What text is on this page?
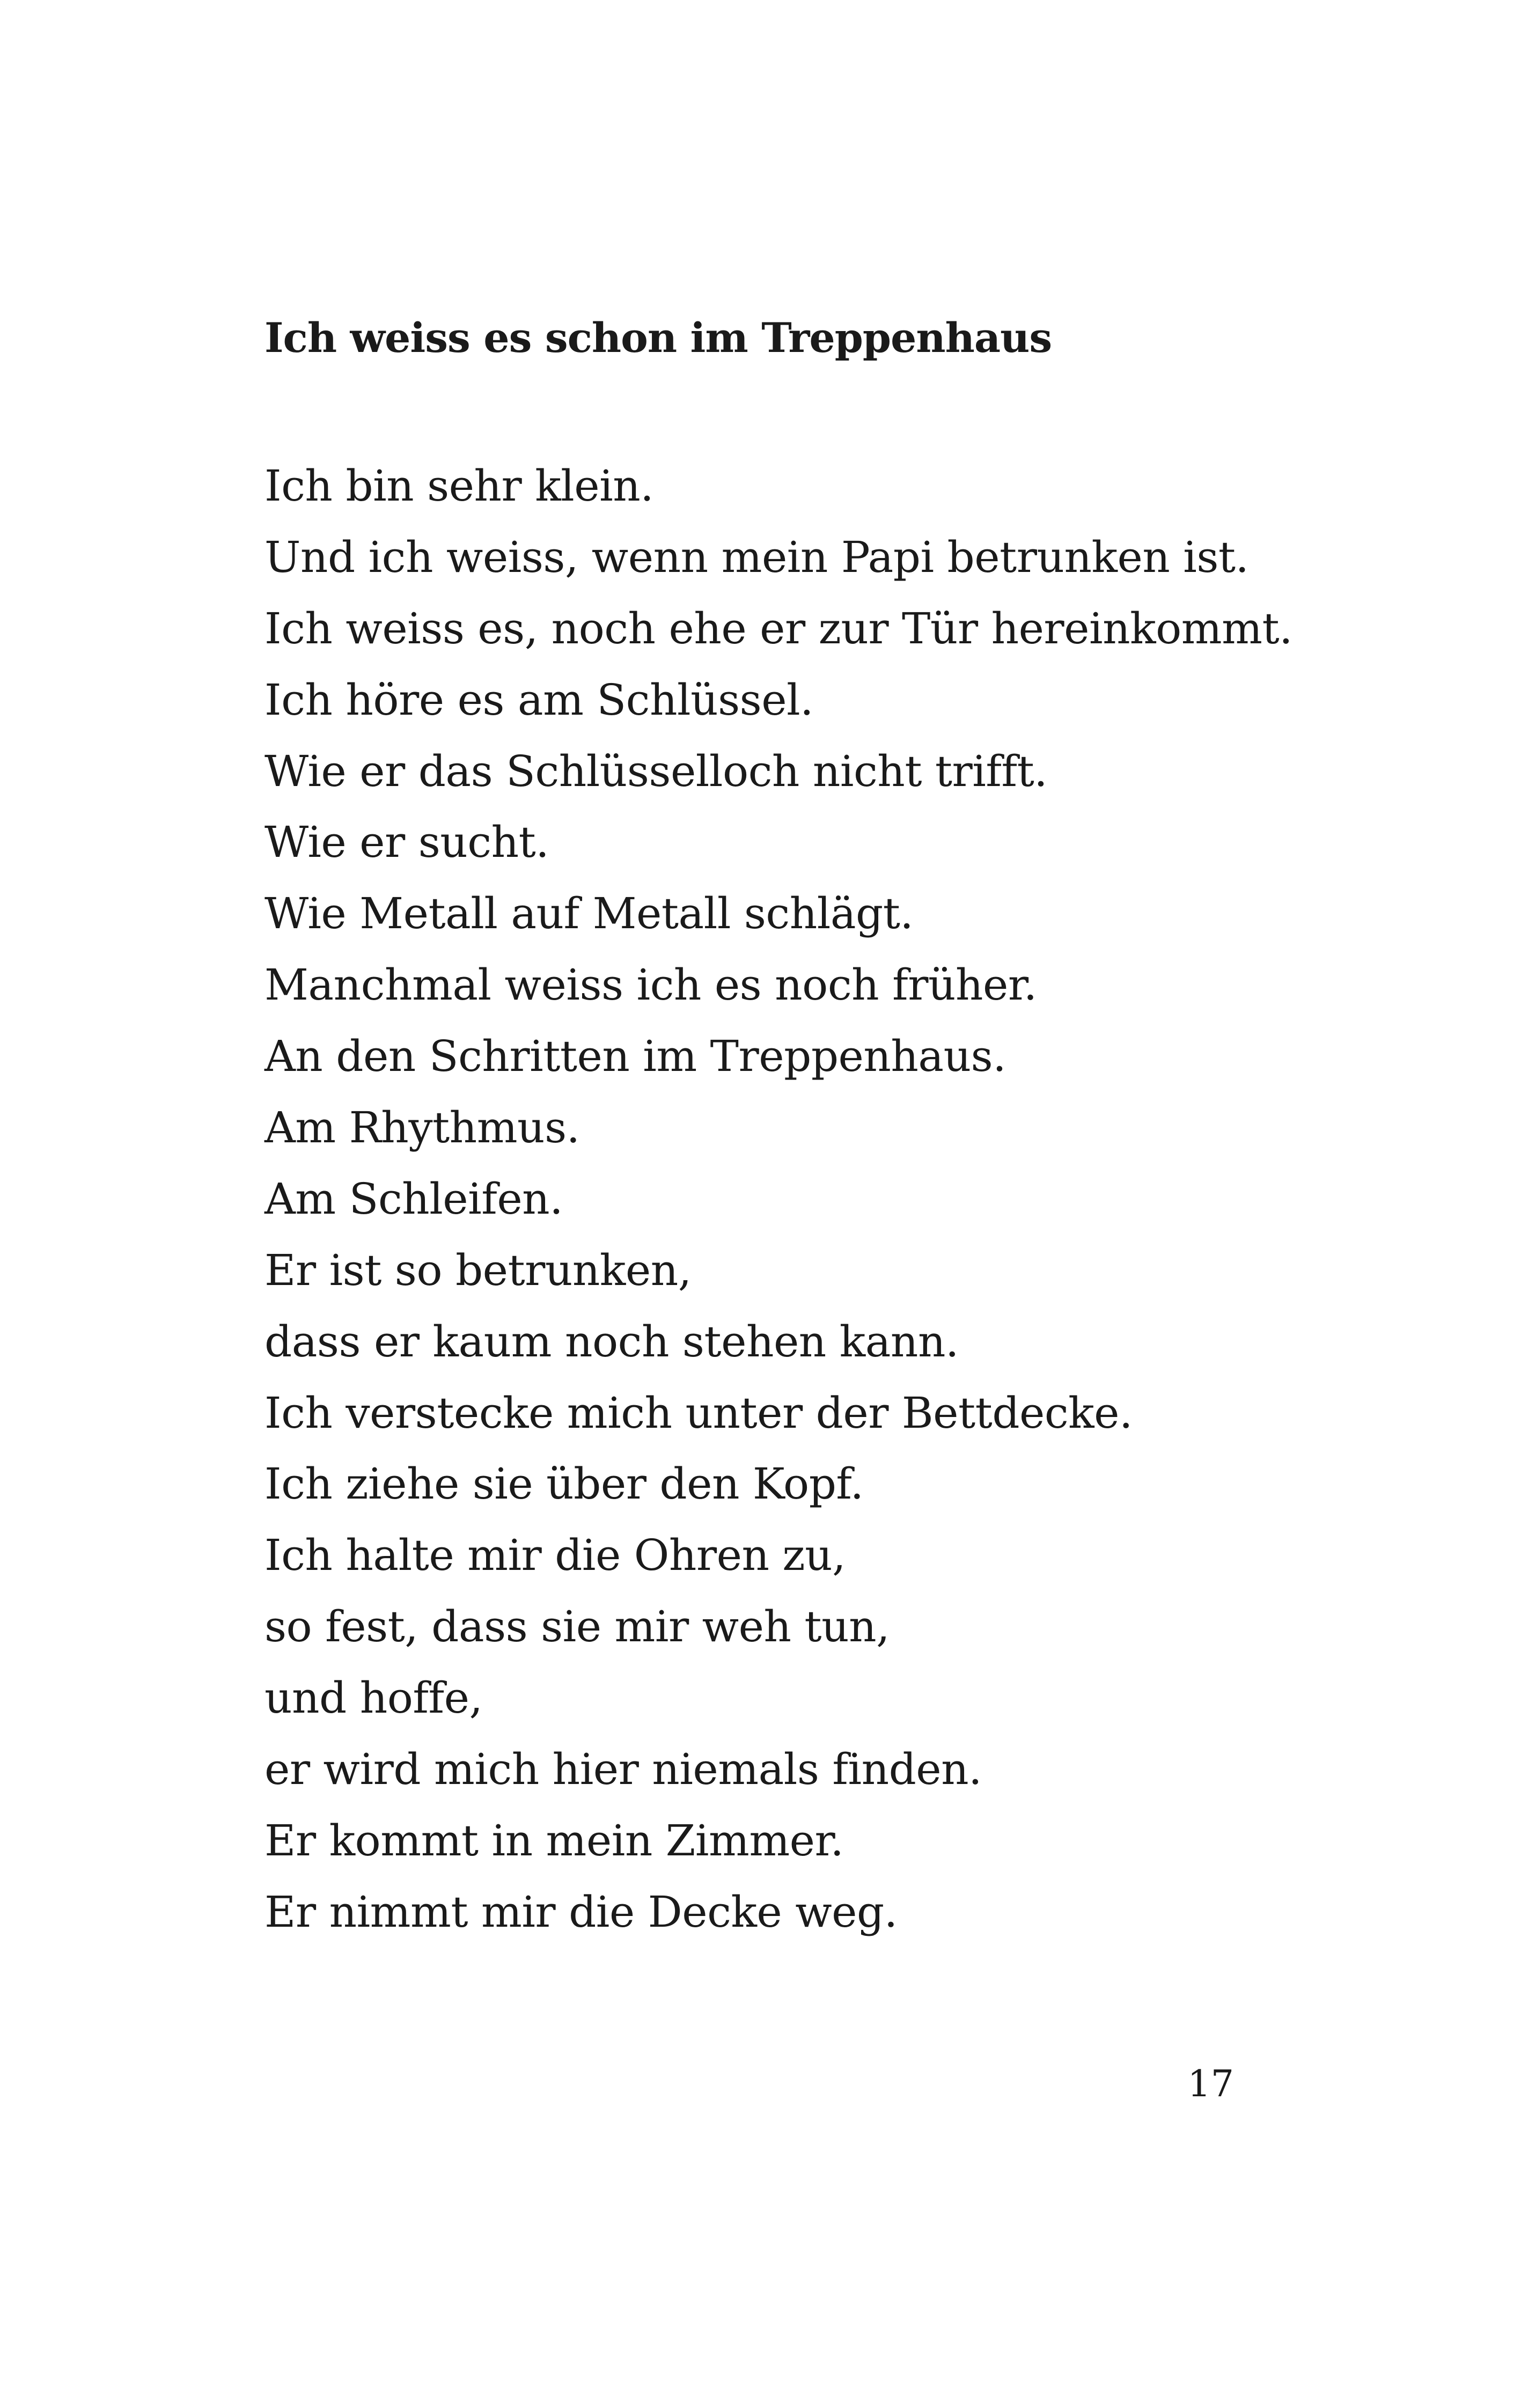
Ich weiss es schon im Treppenhaus
Ich bin sehr klein.
Und ich weiss, wenn mein Papi betrunken ist.
Ich weiss es, noch ehe er zur Tür hereinkommt.
Ich höre es am Schlüssel.
Wie er das Schlüsselloch nicht trifft.
Wie er sucht.
Wie Metall auf Metall schlägt.
Manchmal weiss ich es noch früher.
An den Schritten im Treppenhaus.
Am Rhythmus.
Am Schleifen.
Er ist so betrunken,
dass er kaum noch stehen kann.
Ich verstecke mich unter der Bettdecke.
Ich ziehe sie über den Kopf.
Ich halte mir die Ohren zu,
so fest, dass sie mir weh tun,
und hoffe,
er wird mich hier niemals finden.
Er kommt in mein Zimmer.
Er nimmt mir die Decke weg.
17
